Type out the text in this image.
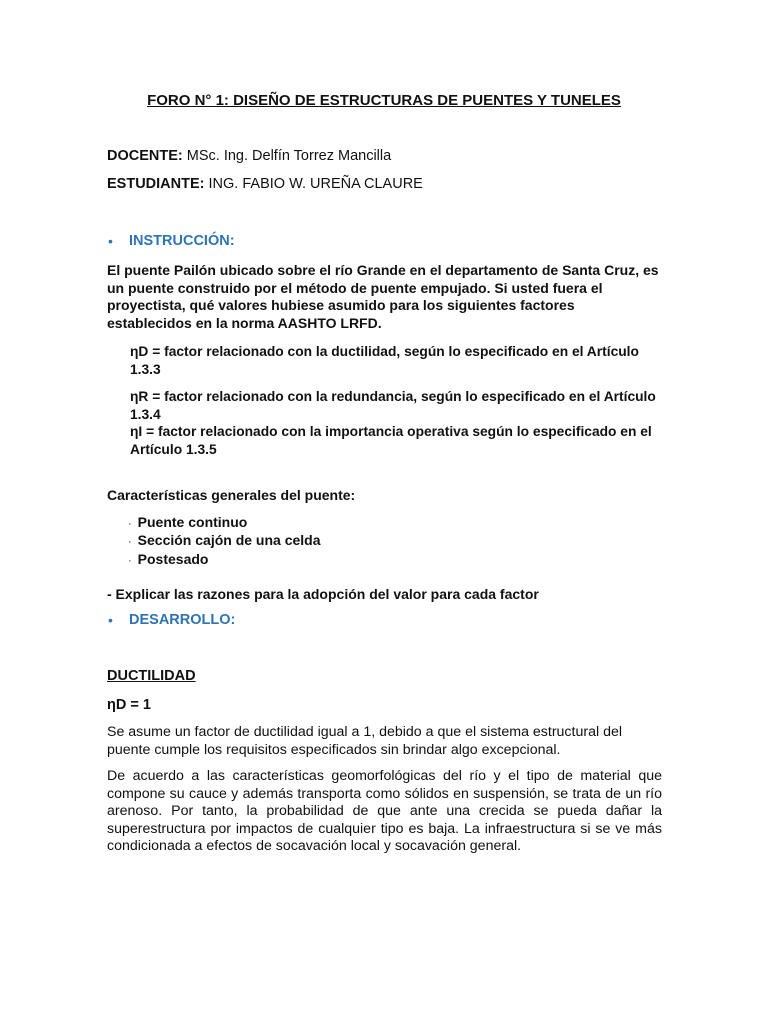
FORO N° 1: DISEÑO DE ESTRUCTURAS DE PUENTES Y TUNELES
DOCENTE: MSc. Ing. Delfín Torrez Mancilla
ESTUDIANTE: ING. FABIO W. UREÑA CLAURE
• INSTRUCCIÓN:
El puente Pailón ubicado sobre el río Grande en el departamento de Santa Cruz, es un puente construido por el método de puente empujado. Si usted fuera el proyectista, qué valores hubiese asumido para los siguientes factores establecidos en la norma AASHTO LRFD.
ηD = factor relacionado con la ductilidad, según lo especificado en el Artículo 1.3.3
ηR = factor relacionado con la redundancia, según lo especificado en el Artículo 1.3.4
ηI = factor relacionado con la importancia operativa según lo especificado en el Artículo 1.3.5
Características generales del puente:
· Puente continuo
· Sección cajón de una celda
· Postesado
- Explicar las razones para la adopción del valor para cada factor
• DESARROLLO:
DUCTILIDAD
ηD = 1
Se asume un factor de ductilidad igual a 1, debido a que el sistema estructural del puente cumple los requisitos especificados sin brindar algo excepcional.
De acuerdo a las características geomorfológicas del río y el tipo de material que compone su cauce y además transporta como sólidos en suspensión, se trata de un río arenoso. Por tanto, la probabilidad de que ante una crecida se pueda dañar la superestructura por impactos de cualquier tipo es baja. La infraestructura si se ve más condicionada a efectos de socavación local y socavación general.
